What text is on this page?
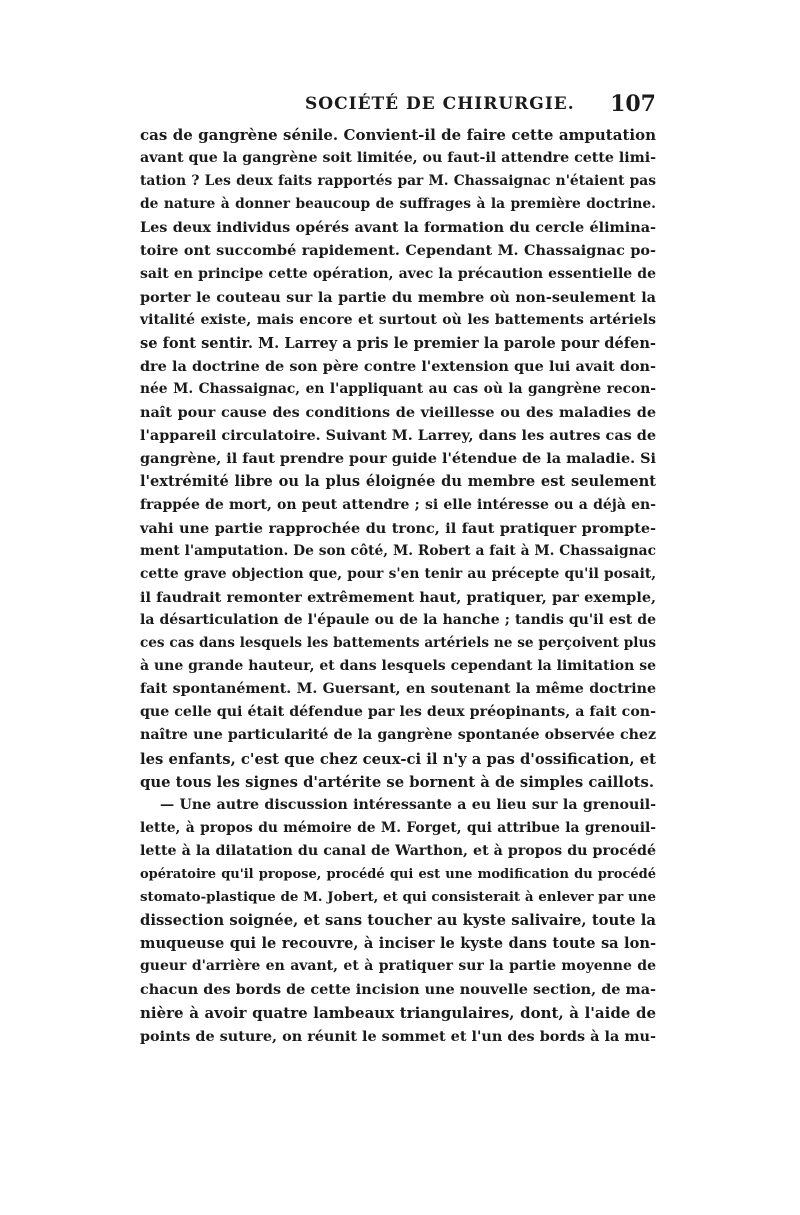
SOCIÉTÉ DE CHIRURGIE. 107
cas de gangrène sénile. Convient-il de faire cette amputation
avant que la gangrène soit limitée, ou faut-il attendre cette limi-
tation ? Les deux faits rapportés par M. Chassaignac n'étaient pas
de nature à donner beaucoup de suffrages à la première doctrine.
Les deux individus opérés avant la formation du cercle élimina-
toire ont succombé rapidement. Cependant M. Chassaignac po-
sait en principe cette opération, avec la précaution essentielle de
porter le couteau sur la partie du membre où non-seulement la
vitalité existe, mais encore et surtout où les battements artériels
se font sentir. M. Larrey a pris le premier la parole pour défen-
dre la doctrine de son père contre l'extension que lui avait don-
née M. Chassaignac, en l'appliquant au cas où la gangrène recon-
naît pour cause des conditions de vieillesse ou des maladies de
l'appareil circulatoire. Suivant M. Larrey, dans les autres cas de
gangrène, il faut prendre pour guide l'étendue de la maladie. Si
l'extrémité libre ou la plus éloignée du membre est seulement
frappée de mort, on peut attendre ; si elle intéresse ou a déjà en-
vahi une partie rapprochée du tronc, il faut pratiquer prompte-
ment l'amputation. De son côté, M. Robert a fait à M. Chassaignac
cette grave objection que, pour s'en tenir au précepte qu'il posait,
il faudrait remonter extrêmement haut, pratiquer, par exemple,
la désarticulation de l'épaule ou de la hanche ; tandis qu'il est de
ces cas dans lesquels les battements artériels ne se perçoivent plus
à une grande hauteur, et dans lesquels cependant la limitation se
fait spontanément. M. Guersant, en soutenant la même doctrine
que celle qui était défendue par les deux préopinants, a fait con-
naître une particularité de la gangrène spontanée observée chez
les enfants, c'est que chez ceux-ci il n'y a pas d'ossification, et
que tous les signes d'artérite se bornent à de simples caillots.
— Une autre discussion intéressante a eu lieu sur la grenouil-
lette, à propos du mémoire de M. Forget, qui attribue la grenouil-
lette à la dilatation du canal de Warthon, et à propos du procédé
opératoire qu'il propose, procédé qui est une modification du procédé
stomato-plastique de M. Jobert, et qui consisterait à enlever par une
dissection soignée, et sans toucher au kyste salivaire, toute la
muqueuse qui le recouvre, à inciser le kyste dans toute sa lon-
gueur d'arrière en avant, et à pratiquer sur la partie moyenne de
chacun des bords de cette incision une nouvelle section, de ma-
nière à avoir quatre lambeaux triangulaires, dont, à l'aide de
points de suture, on réunit le sommet et l'un des bords à la mu-
